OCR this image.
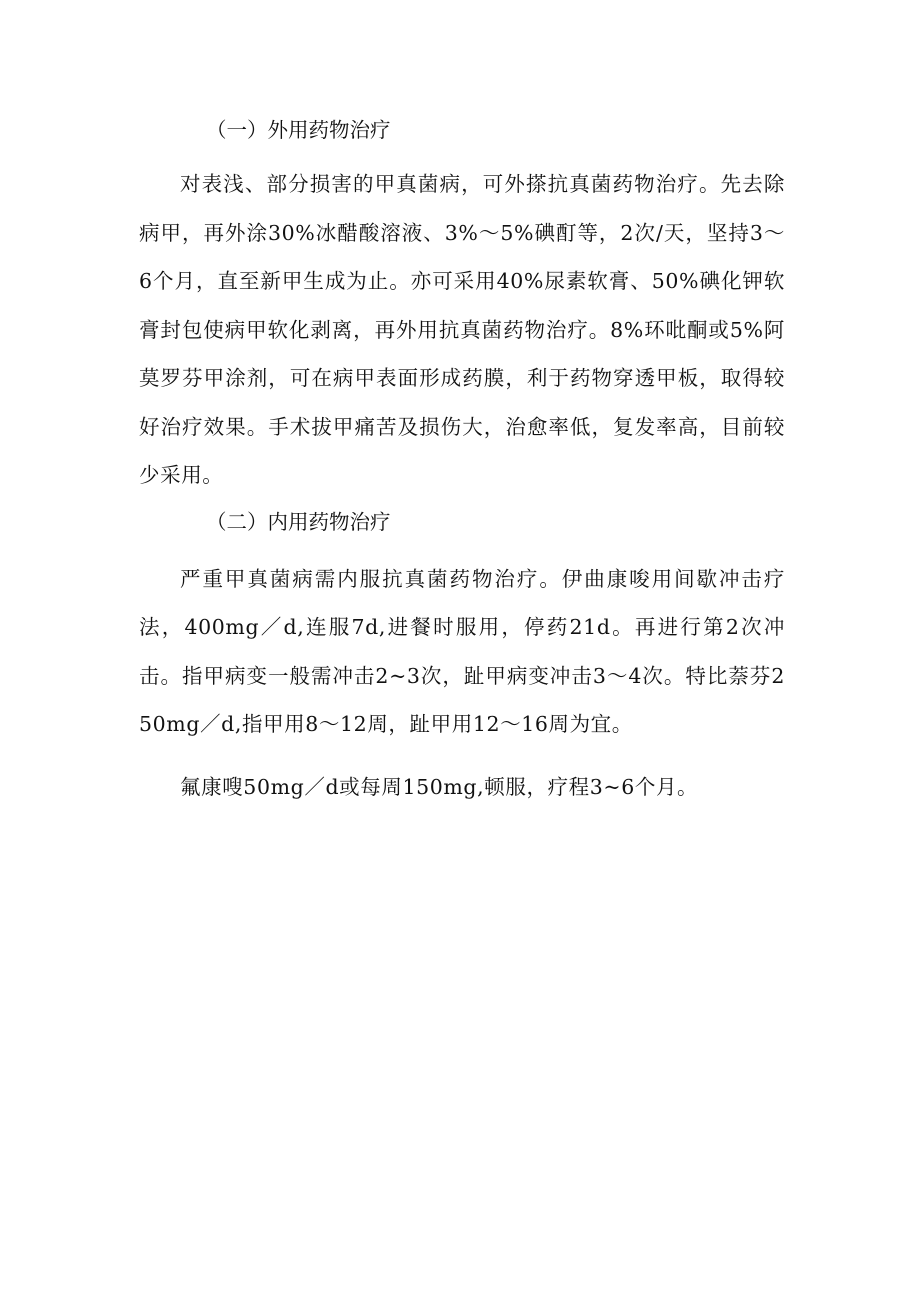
（一）外用药物治疗

对表浅、部分损害的甲真菌病，可外搽抗真菌药物治疗。先去除病甲，再外涂30%冰醋酸溶液、3%～5%碘酊等，2次/天，坚持3～6个月，直至新甲生成为止。亦可采用40%尿素软膏、50%碘化钾软膏封包使病甲软化剥离，再外用抗真菌药物治疗。8%环吡酮或5%阿莫罗芬甲涂剂，可在病甲表面形成药膜，利于药物穿透甲板，取得较好治疗效果。手术拔甲痛苦及损伤大，治愈率低，复发率高，目前较少采用。

（二）内用药物治疗

严重甲真菌病需内服抗真菌药物治疗。伊曲康唆用间歇冲击疗法，400mg／d,连服7d,进餐时服用，停药21d。再进行第2次冲击。指甲病变一般需冲击2~3次，趾甲病变冲击3～4次。特比萘芬250mg／d,指甲用8～12周，趾甲用12～16周为宜。

氟康嗖50mg／d或每周150mg,顿服，疗程3~6个月。
